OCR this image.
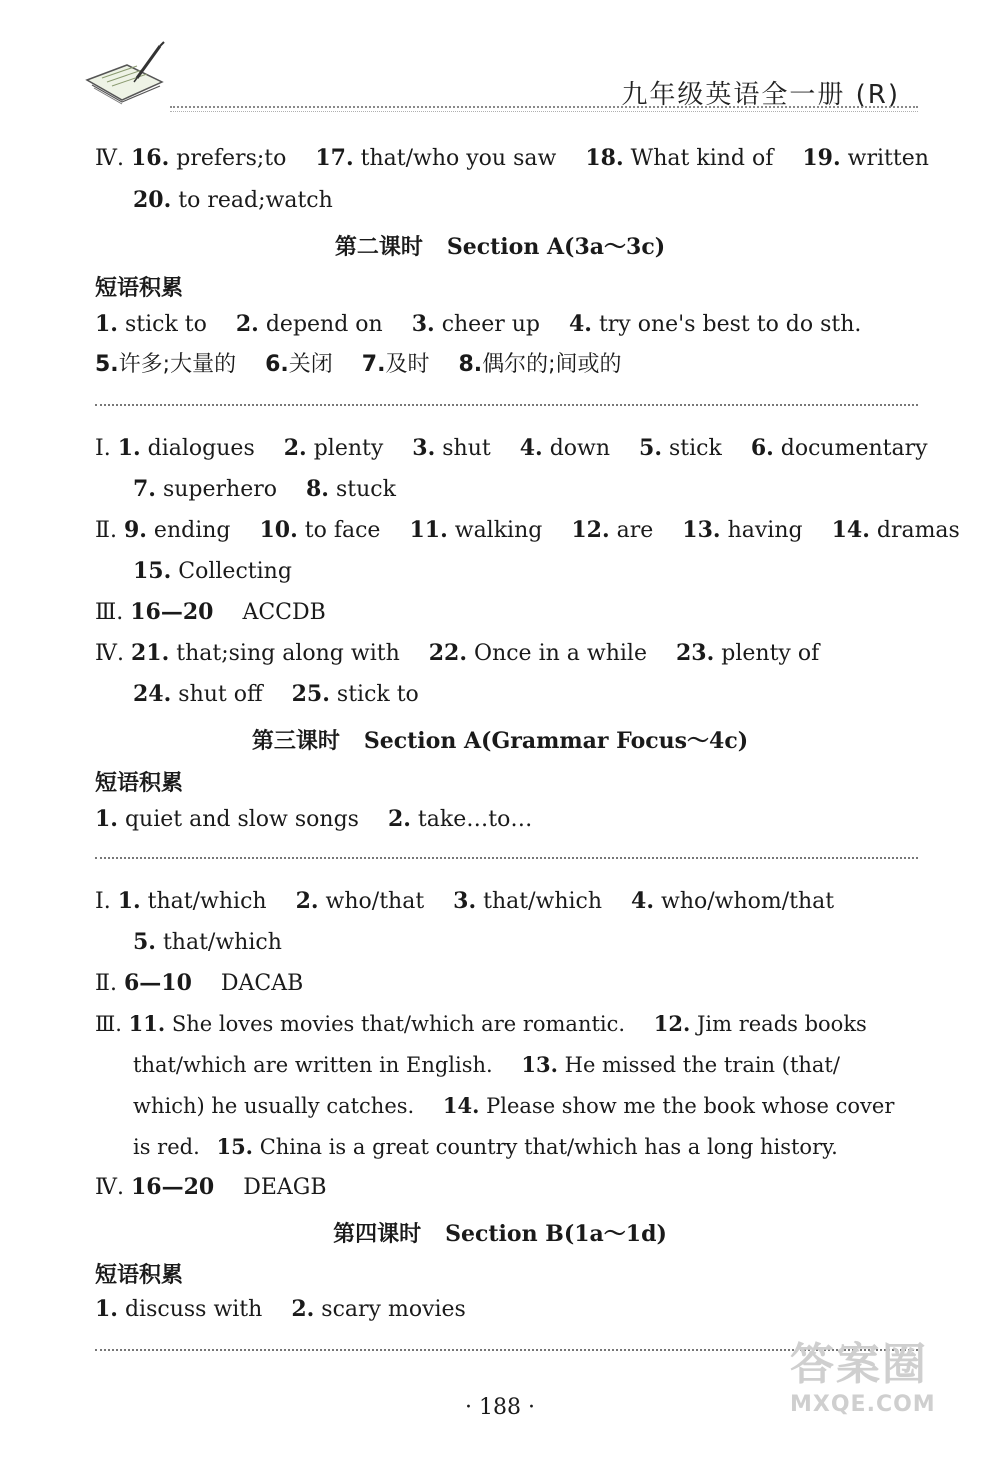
九年级英语全一册 (R)
Ⅳ. 16. prefers;to 17. that/who you saw 18. What kind of 19. written
20. to read;watch
第二课时 Section A(3a～3c)
短语积累
1. stick to 2. depend on 3. cheer up 4. try one's best to do sth.
5.许多;大量的 6.关闭 7.及时 8.偶尔的;间或的
Ⅰ. 1. dialogues 2. plenty 3. shut 4. down 5. stick 6. documentary
7. superhero 8. stuck
Ⅱ. 9. ending 10. to face 11. walking 12. are 13. having 14. dramas
15. Collecting
Ⅲ. 16—20 ACCDB
Ⅳ. 21. that;sing along with 22. Once in a while 23. plenty of
24. shut off 25. stick to
第三课时 Section A(Grammar Focus～4c)
短语积累
1. quiet and slow songs 2. take…to…
Ⅰ. 1. that/which 2. who/that 3. that/which 4. who/whom/that
5. that/which
Ⅱ. 6—10 DACAB
Ⅲ. 11. She loves movies that/which are romantic. 12. Jim reads books
that/which are written in English. 13. He missed the train (that/
which) he usually catches. 14. Please show me the book whose cover
is red. 15. China is a great country that/which has a long history.
Ⅳ. 16—20 DEAGB
第四课时 Section B(1a～1d)
短语积累
1. discuss with 2. scary movies
· 188 ·
答案圈
MXQE.COM
